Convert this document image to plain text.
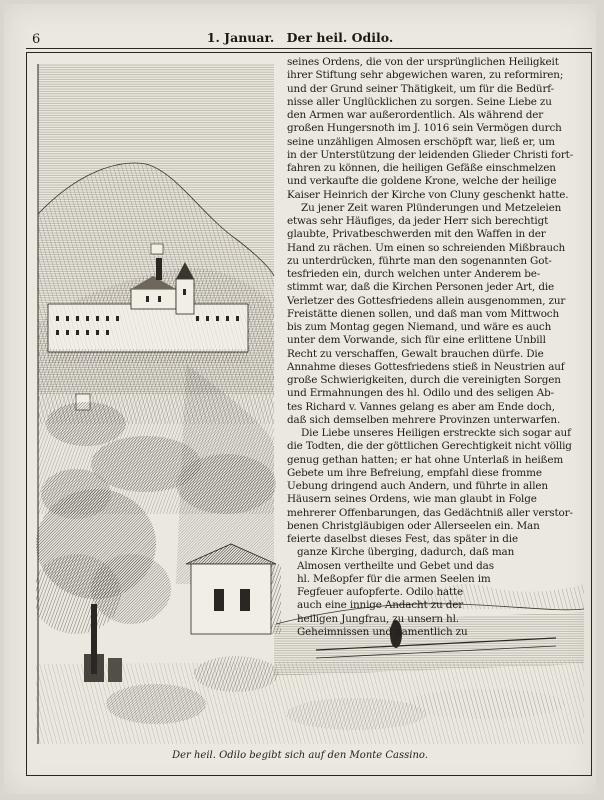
6	1. Januar. Der heil. Odilo.
seines Ordens, die von der ursprünglichen Heiligkeit
ihrer Stiftung sehr abgewichen waren, zu reformiren;
und der Grund seiner Thätigkeit, um für die Bedürf-
nisse aller Unglücklichen zu sorgen. Seine Liebe zu
den Armen war außerordentlich. Als während der
großen Hungersnoth im J. 1016 sein Vermögen durch
seine unzähligen Almosen erschöpft war, ließ er, um
in der Unterstützung der leidenden Glieder Christi fort-
fahren zu können, die heiligen Gefäße einschmelzen
und verkaufte die goldene Krone, welche der heilige
Kaiser Heinrich der Kirche von Cluny geschenkt hatte.
Zu jener Zeit waren Plünderungen und Metzeleien
etwas sehr Häufiges, da jeder Herr sich berechtigt
glaubte, Privatbeschwerden mit den Waffen in der
Hand zu rächen. Um einen so schreienden Mißbrauch
zu unterdrücken, führte man den sogenannten Got-
tesfrieden ein, durch welchen unter Anderem be-
stimmt war, daß die Kirchen Personen jeder Art, die
Verletzer des Gottesfriedens allein ausgenommen, zur
Freistätte dienen sollen, und daß man vom Mittwoch
bis zum Montag gegen Niemand, und wäre es auch
unter dem Vorwande, sich für eine erlittene Unbill
Recht zu verschaffen, Gewalt brauchen dürfe. Die
Annahme dieses Gottesfriedens stieß in Neustrien auf
große Schwierigkeiten, durch die vereinigten Sorgen
und Ermahnungen des hl. Odilo und des seligen Ab-
tes Richard v. Vannes gelang es aber am Ende doch,
daß sich demselben mehrere Provinzen unterwarfen.
Die Liebe unseres Heiligen erstreckte sich sogar auf
die Todten, die der göttlichen Gerechtigkeit nicht völlig
genug gethan hatten; er hat ohne Unterlaß in heißem
Gebete um ihre Befreiung, empfahl diese fromme
Uebung dringend auch Andern, und führte in allen
Häusern seines Ordens, wie man glaubt in Folge
mehrerer Offenbarungen, das Gedächtniß aller verstor-
benen Christgläubigen oder Allerseelen ein. Man
feierte daselbst dieses Fest, das später in die
ganze Kirche überging, dadurch, daß man
Almosen vertheilte und Gebet und das
hl. Meßopfer für die armen Seelen im
Fegfeuer aufopferte. Odilo hatte
auch eine innige Andacht zu der
heiligen Jungfrau, zu unsern hl.
Geheimnissen und namentlich zu
Der heil. Odilo begibt sich auf den Monte Cassino.
